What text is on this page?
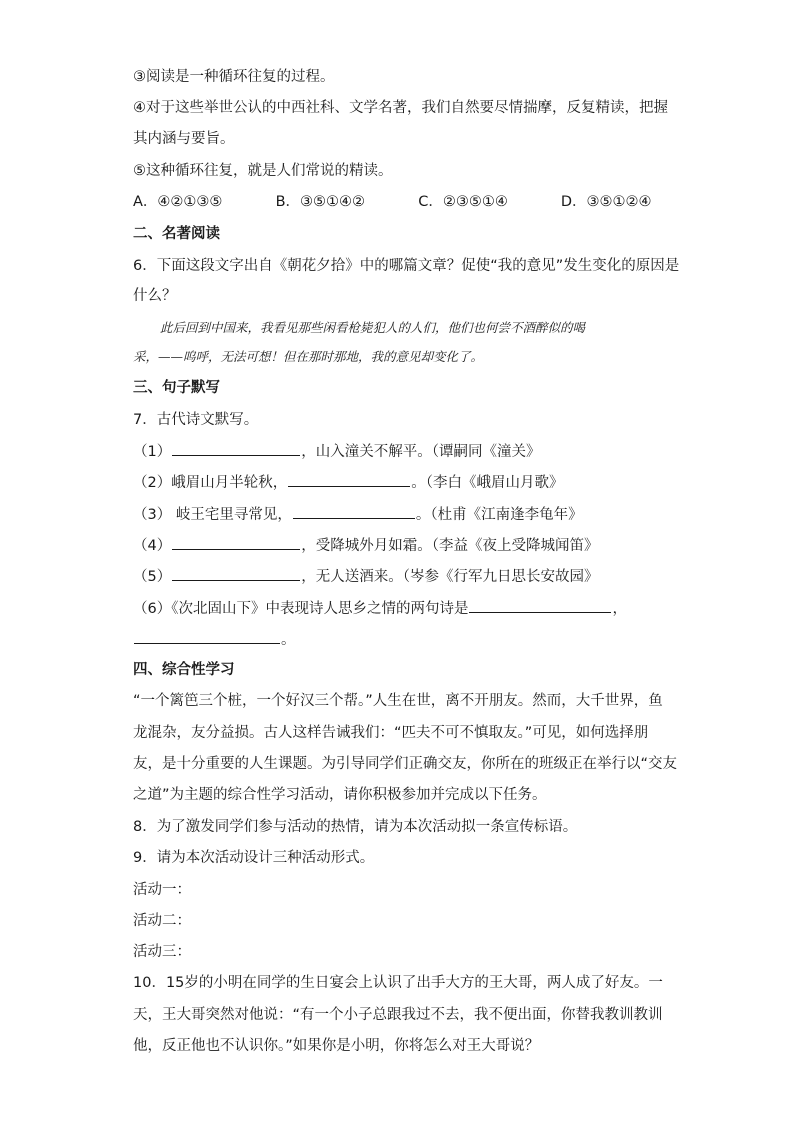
③阅读是一种循环往复的过程。
④对于这些举世公认的中西社科、文学名著，我们自然要尽情揣摩，反复精读，把握
其内涵与要旨。
⑤这种循环往复，就是人们常说的精读。
A．④②①③⑤	B．③⑤①④②	C．②③⑤①④	D．③⑤①②④
二、名著阅读
6．下面这段文字出自《朝花夕拾》中的哪篇文章？促使“我的意见”发生变化的原因是
什么？
此后回到中国来，我看见那些闲看枪毙犯人的人们，他们也何尝不酒醉似的喝
采，——呜呼，无法可想！但在那时那地，我的意见却变化了。
三、句子默写
7．古代诗文默写。
（1）	，山入潼关不解平。（谭嗣同《潼关》
（2）峨眉山月半轮秋，	。（李白《峨眉山月歌》
（3） 岐王宅里寻常见，	。（杜甫《江南逢李龟年》
（4）	，受降城外月如霜。（李益《夜上受降城闻笛》
（5）	，无人送酒来。（岑参《行军九日思长安故园》
（6）《次北固山下》中表现诗人思乡之情的两句诗是	，
。
四、综合性学习
“一个篱笆三个桩，一个好汉三个帮。”人生在世，离不开朋友。然而，大千世界，鱼
龙混杂，友分益损。古人这样告诫我们：“匹夫不可不慎取友。”可见，如何选择朋
友，是十分重要的人生课题。为引导同学们正确交友，你所在的班级正在举行以“交友
之道”为主题的综合性学习活动，请你积极参加并完成以下任务。
8．为了激发同学们参与活动的热情，请为本次活动拟一条宣传标语。
9．请为本次活动设计三种活动形式。
活动一：
活动二：
活动三：
10．15岁的小明在同学的生日宴会上认识了出手大方的王大哥，两人成了好友。一
天，王大哥突然对他说：“有一个小子总跟我过不去，我不便出面，你替我教训教训
他，反正他也不认识你。”如果你是小明，你将怎么对王大哥说？
